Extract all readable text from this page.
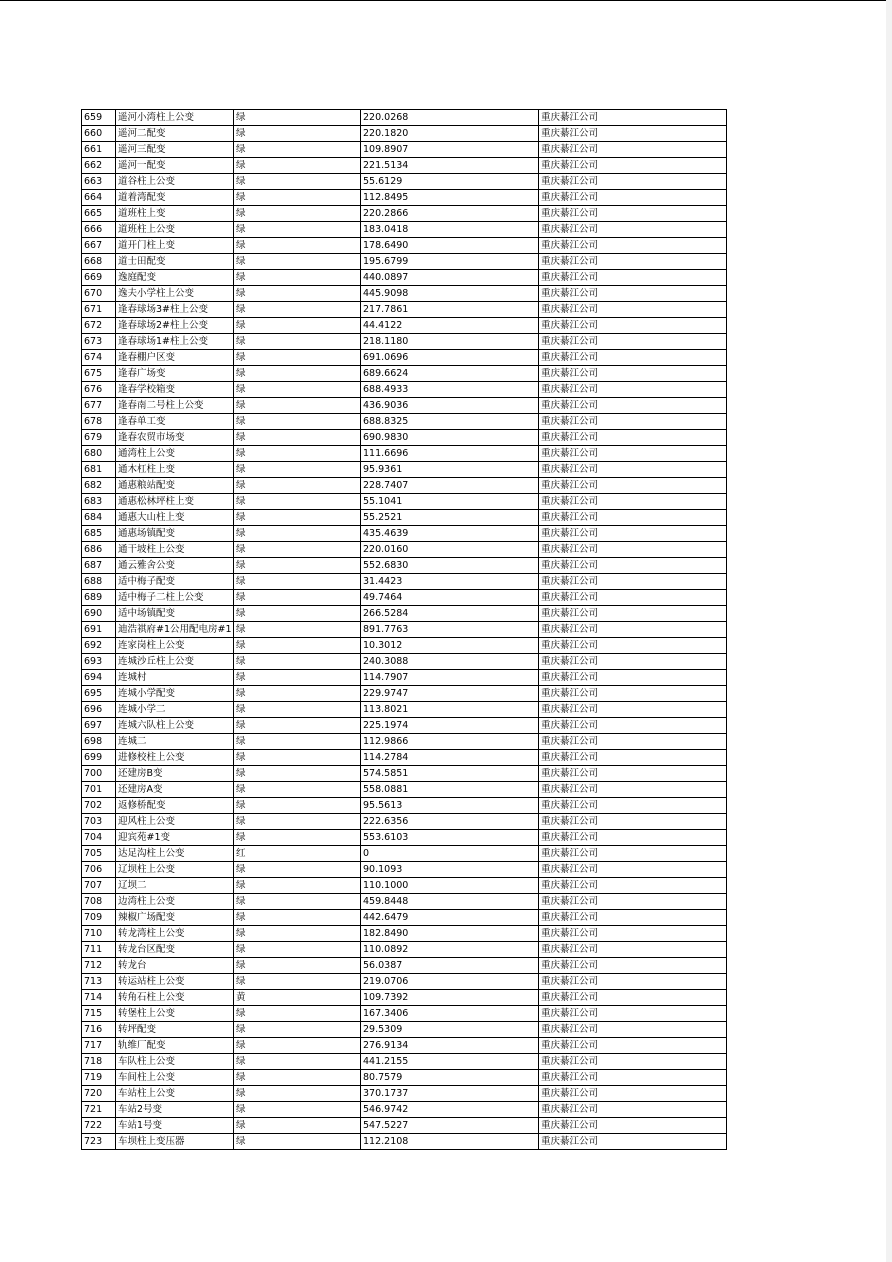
659	遥河小湾柱上公变	绿	220.0268	重庆綦江公司
660	遥河二配变	绿	220.1820	重庆綦江公司
661	遥河三配变	绿	109.8907	重庆綦江公司
662	遥河一配变	绿	221.5134	重庆綦江公司
663	道谷柱上公变	绿	55.6129	重庆綦江公司
664	道着湾配变	绿	112.8495	重庆綦江公司
665	道班柱上变	绿	220.2866	重庆綦江公司
666	道班柱上公变	绿	183.0418	重庆綦江公司
667	道开门柱上变	绿	178.6490	重庆綦江公司
668	道士田配变	绿	195.6799	重庆綦江公司
669	逸庭配变	绿	440.0897	重庆綦江公司
670	逸夫小学柱上公变	绿	445.9098	重庆綦江公司
671	逢春球场3#柱上公变	绿	217.7861	重庆綦江公司
672	逢春球场2#柱上公变	绿	44.4122	重庆綦江公司
673	逢春球场1#柱上公变	绿	218.1180	重庆綦江公司
674	逢春棚户区变	绿	691.0696	重庆綦江公司
675	逢春广场变	绿	689.6624	重庆綦江公司
676	逢春学校箱变	绿	688.4933	重庆綦江公司
677	逢春南二号柱上公变	绿	436.9036	重庆綦江公司
678	逢春单工变	绿	688.8325	重庆綦江公司
679	逢春农贸市场变	绿	690.9830	重庆綦江公司
680	通湾柱上公变	绿	111.6696	重庆綦江公司
681	通木杠柱上变	绿	95.9361	重庆綦江公司
682	通惠粮站配变	绿	228.7407	重庆綦江公司
683	通惠松林坪柱上变	绿	55.1041	重庆綦江公司
684	通惠大山柱上变	绿	55.2521	重庆綦江公司
685	通惠场镇配变	绿	435.4639	重庆綦江公司
686	通干坡柱上公变	绿	220.0160	重庆綦江公司
687	通云雅舍公变	绿	552.6830	重庆綦江公司
688	适中梅子配变	绿	31.4423	重庆綦江公司
689	适中梅子二柱上公变	绿	49.7464	重庆綦江公司
690	适中场镇配变	绿	266.5284	重庆綦江公司
691	迪浩祺府#1公用配电房#1	绿	891.7763	重庆綦江公司
692	连家岗柱上公变	绿	10.3012	重庆綦江公司
693	连城沙丘柱上公变	绿	240.3088	重庆綦江公司
694	连城村	绿	114.7907	重庆綦江公司
695	连城小学配变	绿	229.9747	重庆綦江公司
696	连城小学二	绿	113.8021	重庆綦江公司
697	连城六队柱上公变	绿	225.1974	重庆綦江公司
698	连城二	绿	112.9866	重庆綦江公司
699	进修校柱上公变	绿	114.2784	重庆綦江公司
700	还建房B变	绿	574.5851	重庆綦江公司
701	还建房A变	绿	558.0881	重庆綦江公司
702	返修桥配变	绿	95.5613	重庆綦江公司
703	迎风柱上公变	绿	222.6356	重庆綦江公司
704	迎宾苑#1变	绿	553.6103	重庆綦江公司
705	达足沟柱上公变	红	0	重庆綦江公司
706	辽坝柱上公变	绿	90.1093	重庆綦江公司
707	辽坝二	绿	110.1000	重庆綦江公司
708	边湾柱上公变	绿	459.8448	重庆綦江公司
709	辣椒广场配变	绿	442.6479	重庆綦江公司
710	转龙湾柱上公变	绿	182.8490	重庆綦江公司
711	转龙台区配变	绿	110.0892	重庆綦江公司
712	转龙台	绿	56.0387	重庆綦江公司
713	转运站柱上公变	绿	219.0706	重庆綦江公司
714	转角石柱上公变	黄	109.7392	重庆綦江公司
715	转堡柱上公变	绿	167.3406	重庆綦江公司
716	转坪配变	绿	29.5309	重庆綦江公司
717	轨维厂配变	绿	276.9134	重庆綦江公司
718	车队柱上公变	绿	441.2155	重庆綦江公司
719	车间柱上公变	绿	80.7579	重庆綦江公司
720	车站柱上公变	绿	370.1737	重庆綦江公司
721	车站2号变	绿	546.9742	重庆綦江公司
722	车站1号变	绿	547.5227	重庆綦江公司
723	车坝柱上变压器	绿	112.2108	重庆綦江公司
